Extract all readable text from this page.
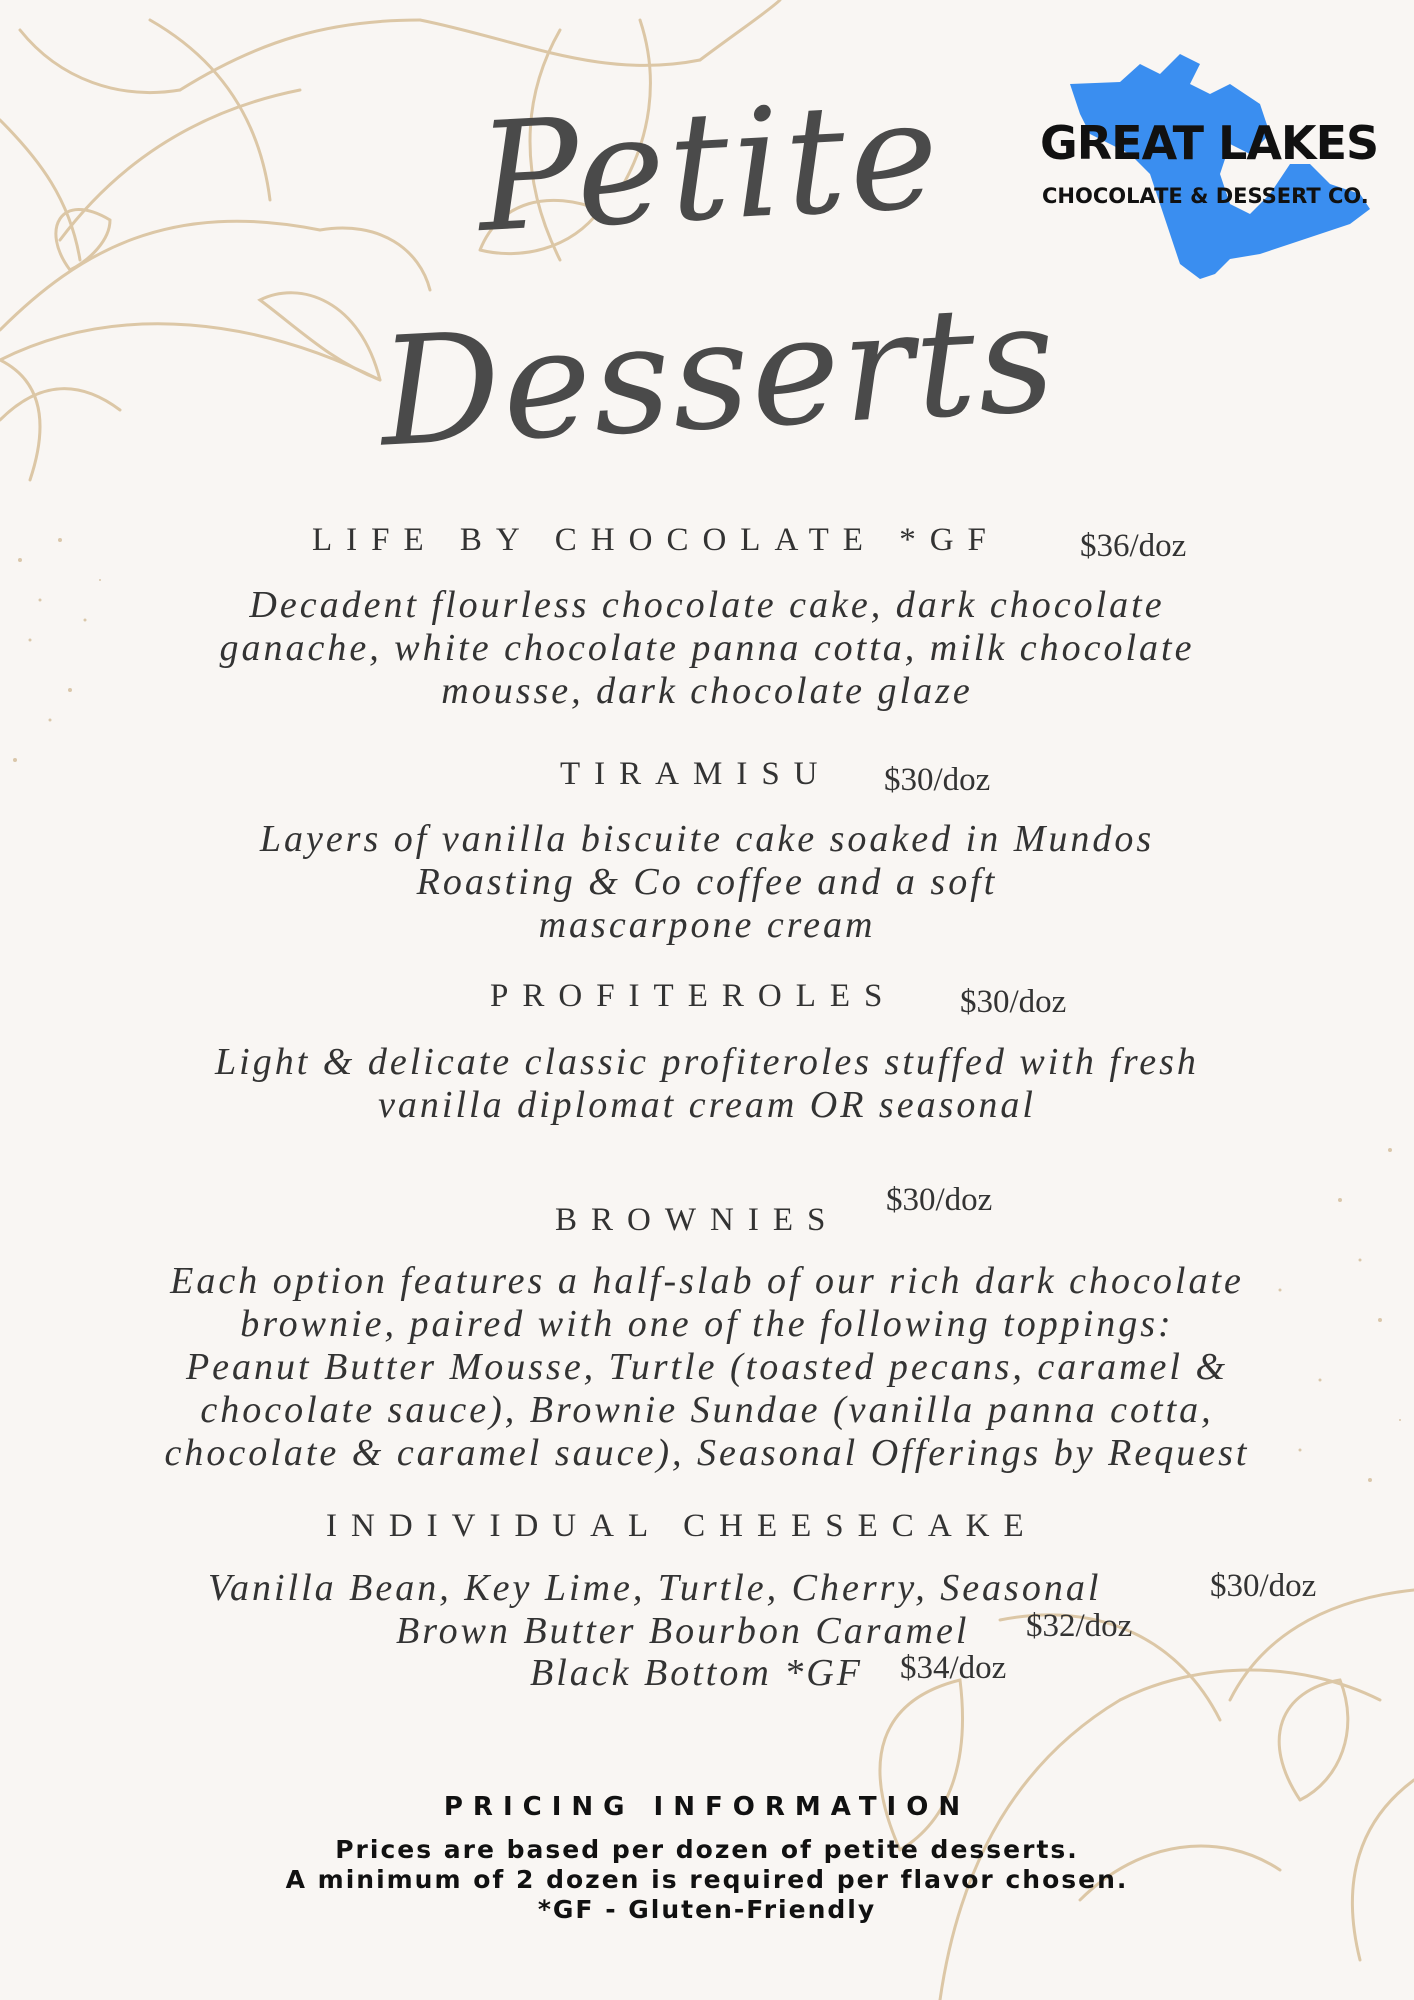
Petite
Desserts
GREAT LAKES
CHOCOLATE & DESSERT CO.
LIFE BY CHOCOLATE *GF $36/doz
Decadent flourless chocolate cake, dark chocolate
ganache, white chocolate panna cotta, milk chocolate
mousse, dark chocolate glaze
TIRAMISU $30/doz
Layers of vanilla biscuite cake soaked in Mundos
Roasting & Co coffee and a soft
mascarpone cream
PROFITEROLES $30/doz
Light & delicate classic profiteroles stuffed with fresh
vanilla diplomat cream OR seasonal
BROWNIES
$30/doz
Each option features a half-slab of our rich dark chocolate
brownie, paired with one of the following toppings:
Peanut Butter Mousse, Turtle (toasted pecans, caramel &
chocolate sauce), Brownie Sundae (vanilla panna cotta,
chocolate & caramel sauce), Seasonal Offerings by Request
INDIVIDUAL CHEESECAKE
Vanilla Bean, Key Lime, Turtle, Cherry, Seasonal	$30/doz
Brown Butter Bourbon Caramel $32/doz
Black Bottom *GF $34/doz
PRICING INFORMATION
Prices are based per dozen of petite desserts.
A minimum of 2 dozen is required per flavor chosen.
*GF - Gluten-Friendly
